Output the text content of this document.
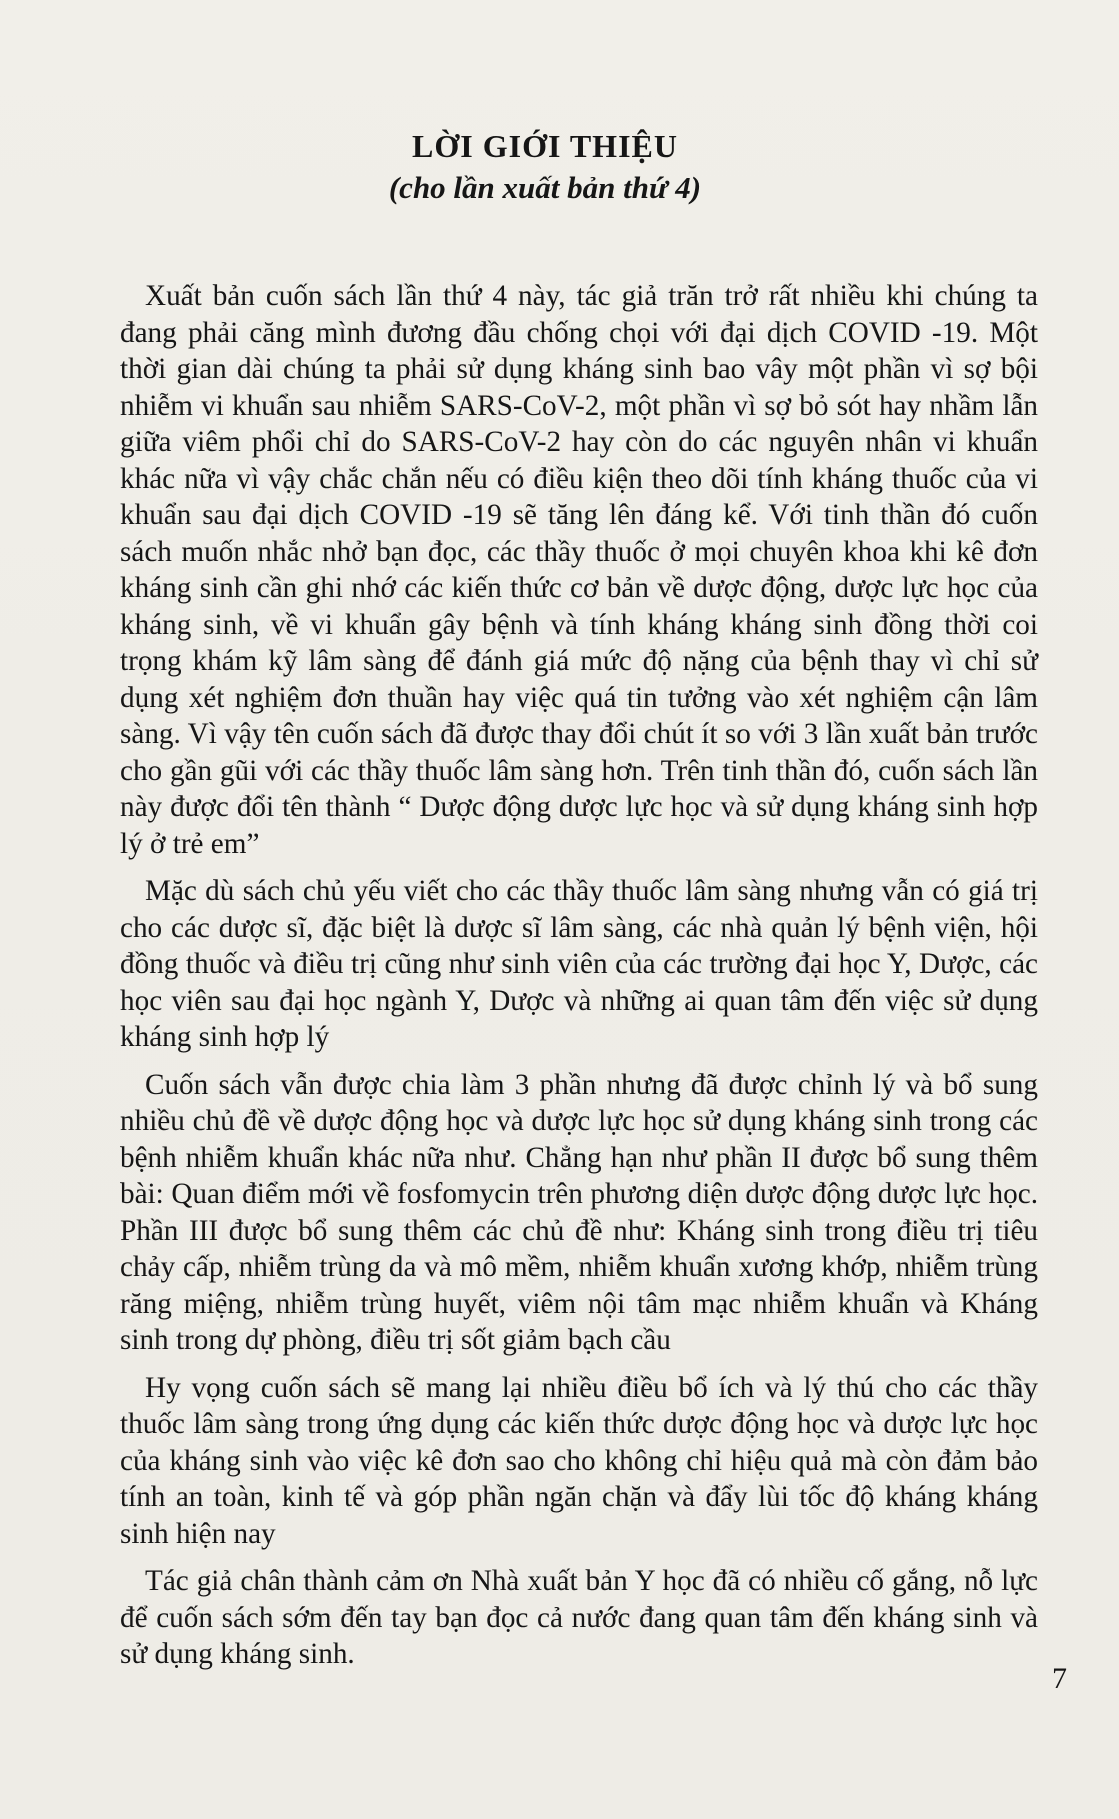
LỜI GIỚI THIỆU
(cho lần xuất bản thứ 4)

Xuất bản cuốn sách lần thứ 4 này, tác giả trăn trở rất nhiều khi chúng ta đang phải căng mình đương đầu chống chọi với đại dịch COVID -19. Một thời gian dài chúng ta phải sử dụng kháng sinh bao vây một phần vì sợ bội nhiễm vi khuẩn sau nhiễm SARS-CoV-2, một phần vì sợ bỏ sót hay nhầm lẫn giữa viêm phổi chỉ do SARS-CoV-2 hay còn do các nguyên nhân vi khuẩn khác nữa vì vậy chắc chắn nếu có điều kiện theo dõi tính kháng thuốc của vi khuẩn sau đại dịch COVID -19 sẽ tăng lên đáng kể. Với tinh thần đó cuốn sách muốn nhắc nhở bạn đọc, các thầy thuốc ở mọi chuyên khoa khi kê đơn kháng sinh cần ghi nhớ các kiến thức cơ bản về dược động, dược lực học của kháng sinh, về vi khuẩn gây bệnh và tính kháng kháng sinh đồng thời coi trọng khám kỹ lâm sàng để đánh giá mức độ nặng của bệnh thay vì chỉ sử dụng xét nghiệm đơn thuần hay việc quá tin tưởng vào xét nghiệm cận lâm sàng. Vì vậy tên cuốn sách đã được thay đổi chút ít so với 3 lần xuất bản trước cho gần gũi với các thầy thuốc lâm sàng hơn. Trên tinh thần đó, cuốn sách lần này được đổi tên thành “ Dược động dược lực học và sử dụng kháng sinh hợp lý ở trẻ em”

Mặc dù sách chủ yếu viết cho các thầy thuốc lâm sàng nhưng vẫn có giá trị cho các dược sĩ, đặc biệt là dược sĩ lâm sàng, các nhà quản lý bệnh viện, hội đồng thuốc và điều trị cũng như sinh viên của các trường đại học Y, Dược, các học viên sau đại học ngành Y, Dược và những ai quan tâm đến việc sử dụng kháng sinh hợp lý

Cuốn sách vẫn được chia làm 3 phần nhưng đã được chỉnh lý và bổ sung nhiều chủ đề về dược động học và dược lực học sử dụng kháng sinh trong các bệnh nhiễm khuẩn khác nữa như. Chẳng hạn như phần II được bổ sung thêm bài: Quan điểm mới về fosfomycin trên phương diện dược động dược lực học. Phần III được bổ sung thêm các chủ đề như: Kháng sinh trong điều trị tiêu chảy cấp, nhiễm trùng da và mô mềm, nhiễm khuẩn xương khớp, nhiễm trùng răng miệng, nhiễm trùng huyết, viêm nội tâm mạc nhiễm khuẩn và Kháng sinh trong dự phòng, điều trị sốt giảm bạch cầu

Hy vọng cuốn sách sẽ mang lại nhiều điều bổ ích và lý thú cho các thầy thuốc lâm sàng trong ứng dụng các kiến thức dược động học và dược lực học của kháng sinh vào việc kê đơn sao cho không chỉ hiệu quả mà còn đảm bảo tính an toàn, kinh tế và góp phần ngăn chặn và đẩy lùi tốc độ kháng kháng sinh hiện nay

Tác giả chân thành cảm ơn Nhà xuất bản Y học đã có nhiều cố gắng, nỗ lực để cuốn sách sớm đến tay bạn đọc cả nước đang quan tâm đến kháng sinh và sử dụng kháng sinh.

7
